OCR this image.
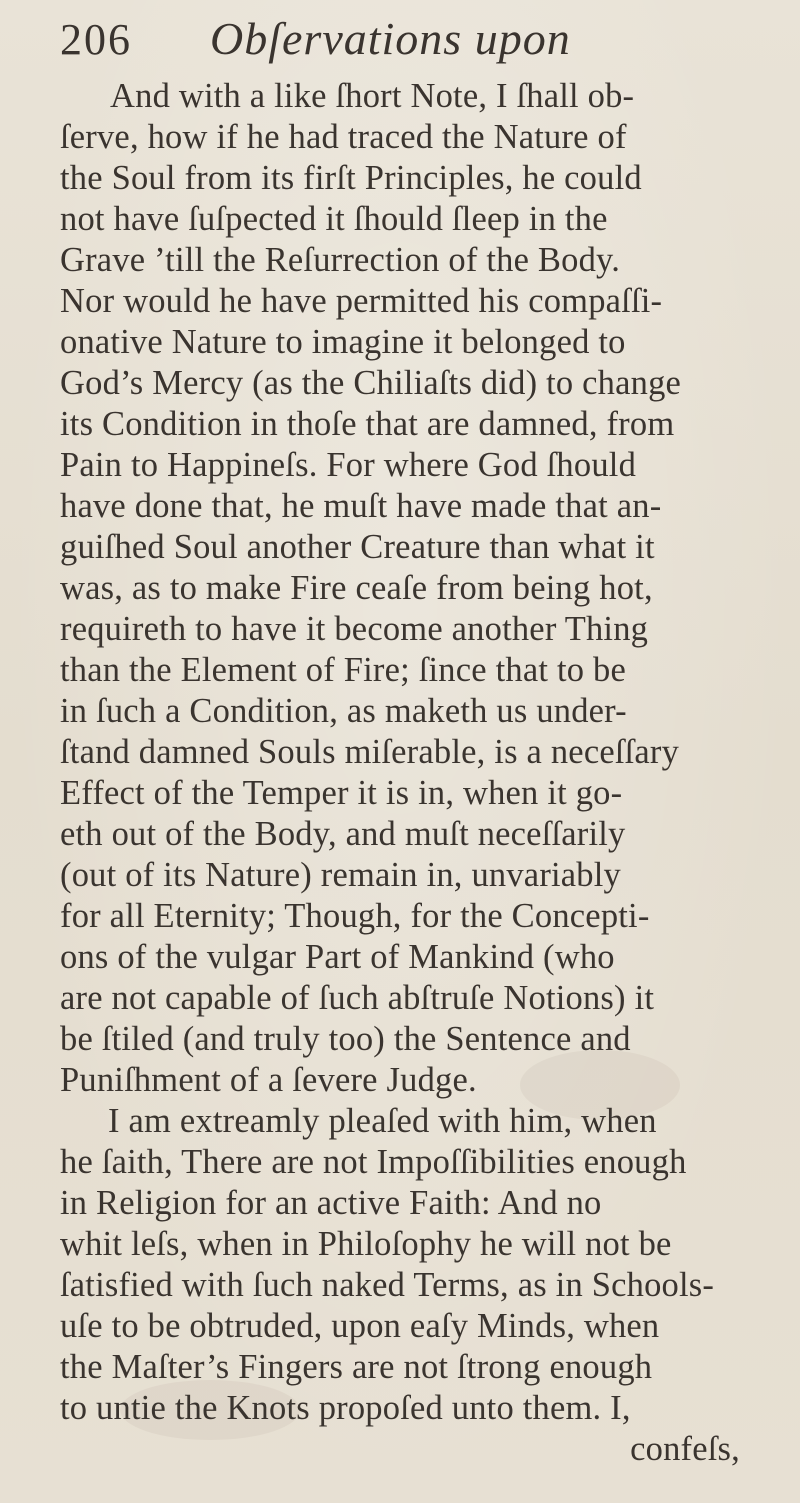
206 Obſervations upon
And with a like ſhort Note, I ſhall ob-
ſerve, how if he had traced the Nature of
the Soul from its firſt Principles, he could
not have ſuſpected it ſhould ſleep in the
Grave ’till the Reſurrection of the Body.
Nor would he have permitted his compaſſi-
onative Nature to imagine it belonged to
God’s Mercy (as the Chiliaſts did) to change
its Condition in thoſe that are damned, from
Pain to Happineſs. For where God ſhould
have done that, he muſt have made that an-
guiſhed Soul another Creature than what it
was, as to make Fire ceaſe from being hot,
requireth to have it become another Thing
than the Element of Fire; ſince that to be
in ſuch a Condition, as maketh us under-
ſtand damned Souls miſerable, is a neceſſary
Effect of the Temper it is in, when it go-
eth out of the Body, and muſt neceſſarily
(out of its Nature) remain in, unvariably
for all Eternity; Though, for the Concepti-
ons of the vulgar Part of Mankind (who
are not capable of ſuch abſtruſe Notions) it
be ſtiled (and truly too) the Sentence and
Puniſhment of a ſevere Judge.
I am extreamly pleaſed with him, when
he ſaith, There are not Impoſſibilities enough
in Religion for an active Faith: And no
whit leſs, when in Philoſophy he will not be
ſatisfied with ſuch naked Terms, as in Schools-
uſe to be obtruded, upon eaſy Minds, when
the Maſter’s Fingers are not ſtrong enough
to untie the Knots propoſed unto them. I,
confeſs,
